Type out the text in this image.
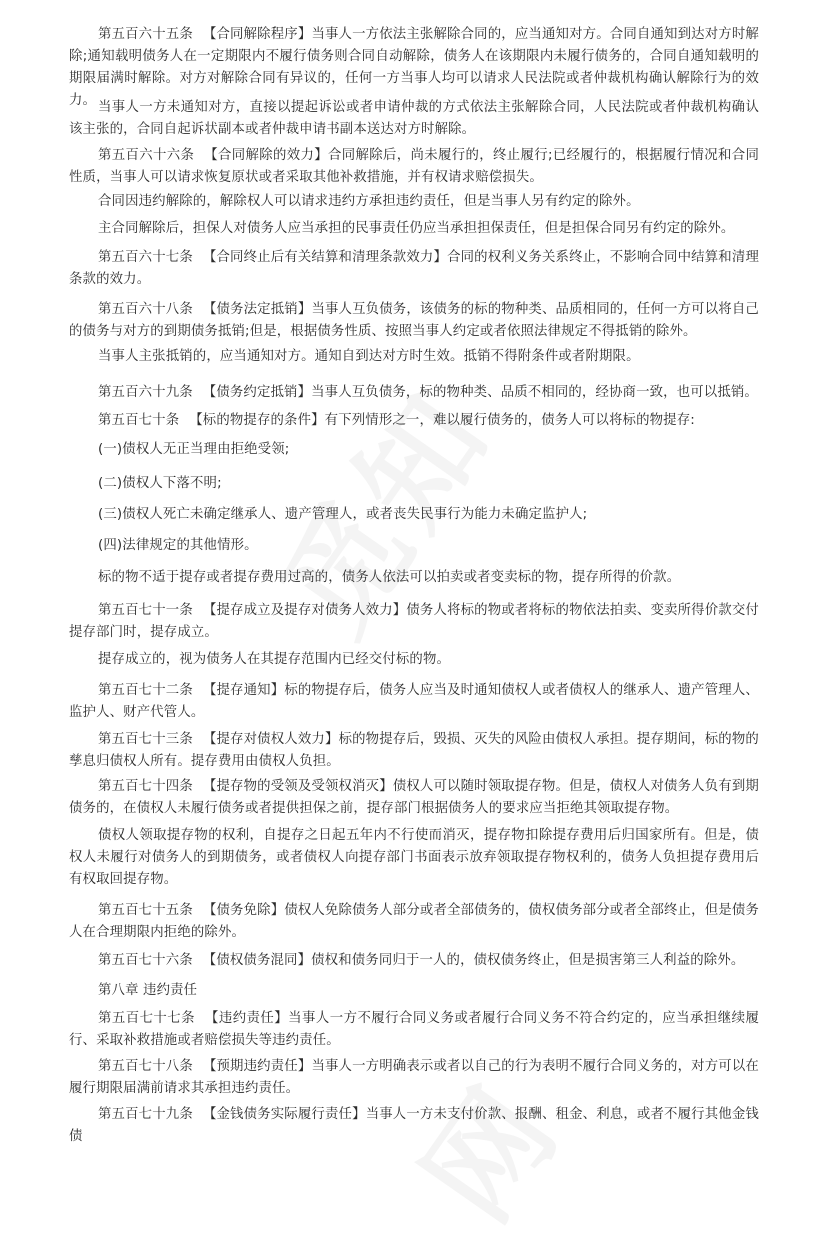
第五百六十五条 【合同解除程序】当事人一方依法主张解除合同的，应当通知对方。合同自通知到达对方时解除;通知载明债务人在一定期限内不履行债务则合同自动解除，债务人在该期限内未履行债务的，合同自通知载明的期限届满时解除。对方对解除合同有异议的，任何一方当事人均可以请求人民法院或者仲裁机构确认解除行为的效力。 当事人一方未通知对方，直接以提起诉讼或者申请仲裁的方式依法主张解除合同，人民法院或者仲裁机构确认该主张的，合同自起诉状副本或者仲裁申请书副本送达对方时解除。

第五百六十六条 【合同解除的效力】合同解除后，尚未履行的，终止履行;已经履行的，根据履行情况和合同性质，当事人可以请求恢复原状或者采取其他补救措施，并有权请求赔偿损失。

合同因违约解除的，解除权人可以请求违约方承担违约责任，但是当事人另有约定的除外。

主合同解除后，担保人对债务人应当承担的民事责任仍应当承担担保责任，但是担保合同另有约定的除外。

第五百六十七条 【合同终止后有关结算和清理条款效力】合同的权利义务关系终止，不影响合同中结算和清理条款的效力。

第五百六十八条 【债务法定抵销】当事人互负债务，该债务的标的物种类、品质相同的，任何一方可以将自己的债务与对方的到期债务抵销;但是，根据债务性质、按照当事人约定或者依照法律规定不得抵销的除外。

当事人主张抵销的，应当通知对方。通知自到达对方时生效。抵销不得附条件或者附期限。

第五百六十九条 【债务约定抵销】当事人互负债务，标的物种类、品质不相同的，经协商一致，也可以抵销。

第五百七十条 【标的物提存的条件】有下列情形之一，难以履行债务的，债务人可以将标的物提存:

(一)债权人无正当理由拒绝受领;

(二)债权人下落不明;

(三)债权人死亡未确定继承人、遗产管理人，或者丧失民事行为能力未确定监护人;

(四)法律规定的其他情形。

标的物不适于提存或者提存费用过高的，债务人依法可以拍卖或者变卖标的物，提存所得的价款。

第五百七十一条 【提存成立及提存对债务人效力】债务人将标的物或者将标的物依法拍卖、变卖所得价款交付提存部门时，提存成立。

提存成立的，视为债务人在其提存范围内已经交付标的物。

第五百七十二条 【提存通知】标的物提存后，债务人应当及时通知债权人或者债权人的继承人、遗产管理人、监护人、财产代管人。

第五百七十三条 【提存对债权人效力】标的物提存后，毁损、灭失的风险由债权人承担。提存期间，标的物的孳息归债权人所有。提存费用由债权人负担。

第五百七十四条 【提存物的受领及受领权消灭】债权人可以随时领取提存物。但是，债权人对债务人负有到期债务的，在债权人未履行债务或者提供担保之前，提存部门根据债务人的要求应当拒绝其领取提存物。

债权人领取提存物的权利，自提存之日起五年内不行使而消灭，提存物扣除提存费用后归国家所有。但是，债权人未履行对债务人的到期债务，或者债权人向提存部门书面表示放弃领取提存物权利的，债务人负担提存费用后有权取回提存物。

第五百七十五条 【债务免除】债权人免除债务人部分或者全部债务的，债权债务部分或者全部终止，但是债务人在合理期限内拒绝的除外。

第五百七十六条 【债权债务混同】债权和债务同归于一人的，债权债务终止，但是损害第三人利益的除外。

第八章 违约责任

第五百七十七条 【违约责任】当事人一方不履行合同义务或者履行合同义务不符合约定的，应当承担继续履行、采取补救措施或者赔偿损失等违约责任。

第五百七十八条 【预期违约责任】当事人一方明确表示或者以自己的行为表明不履行合同义务的，对方可以在履行期限届满前请求其承担违约责任。

第五百七十九条 【金钱债务实际履行责任】当事人一方未支付价款、报酬、租金、利息，或者不履行其他金钱债
